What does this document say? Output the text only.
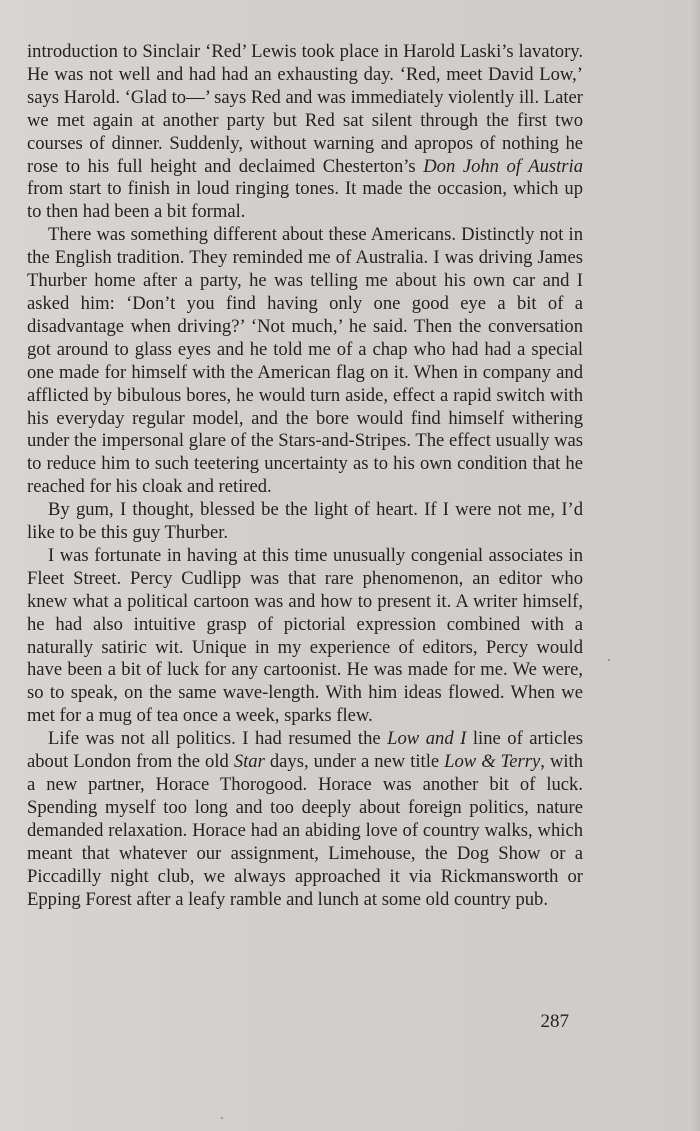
introduction to Sinclair ‘Red’ Lewis took place in Harold Laski’s lavatory. He was not well and had had an exhausting day. ‘Red, meet David Low,’ says Harold. ‘Glad to—’ says Red and was immediately violently ill. Later we met again at another party but Red sat silent through the first two courses of dinner. Suddenly, without warning and apropos of nothing he rose to his full height and declaimed Chesterton’s Don John of Austria from start to finish in loud ringing tones. It made the occasion, which up to then had been a bit formal.

There was something different about these Americans. Distinctly not in the English tradition. They reminded me of Australia. I was driving James Thurber home after a party, he was telling me about his own car and I asked him: ‘Don’t you find having only one good eye a bit of a disadvantage when driving?’ ‘Not much,’ he said. Then the conversation got around to glass eyes and he told me of a chap who had had a special one made for himself with the American flag on it. When in company and afflicted by bibulous bores, he would turn aside, effect a rapid switch with his everyday regular model, and the bore would find himself withering under the impersonal glare of the Stars-and-Stripes. The effect usually was to reduce him to such teetering uncertainty as to his own condition that he reached for his cloak and retired.

By gum, I thought, blessed be the light of heart. If I were not me, I’d like to be this guy Thurber.

I was fortunate in having at this time unusually congenial associates in Fleet Street. Percy Cudlipp was that rare phenomenon, an editor who knew what a political cartoon was and how to present it. A writer himself, he had also intuitive grasp of pictorial expression combined with a naturally satiric wit. Unique in my experience of editors, Percy would have been a bit of luck for any cartoonist. He was made for me. We were, so to speak, on the same wave-length. With him ideas flowed. When we met for a mug of tea once a week, sparks flew.

Life was not all politics. I had resumed the Low and I line of articles about London from the old Star days, under a new title Low & Terry, with a new partner, Horace Thorogood. Horace was another bit of luck. Spending myself too long and too deeply about foreign politics, nature demanded relaxation. Horace had an abiding love of country walks, which meant that whatever our assignment, Limehouse, the Dog Show or a Piccadilly night club, we always approached it via Rickmansworth or Epping Forest after a leafy ramble and lunch at some old country pub.

287
